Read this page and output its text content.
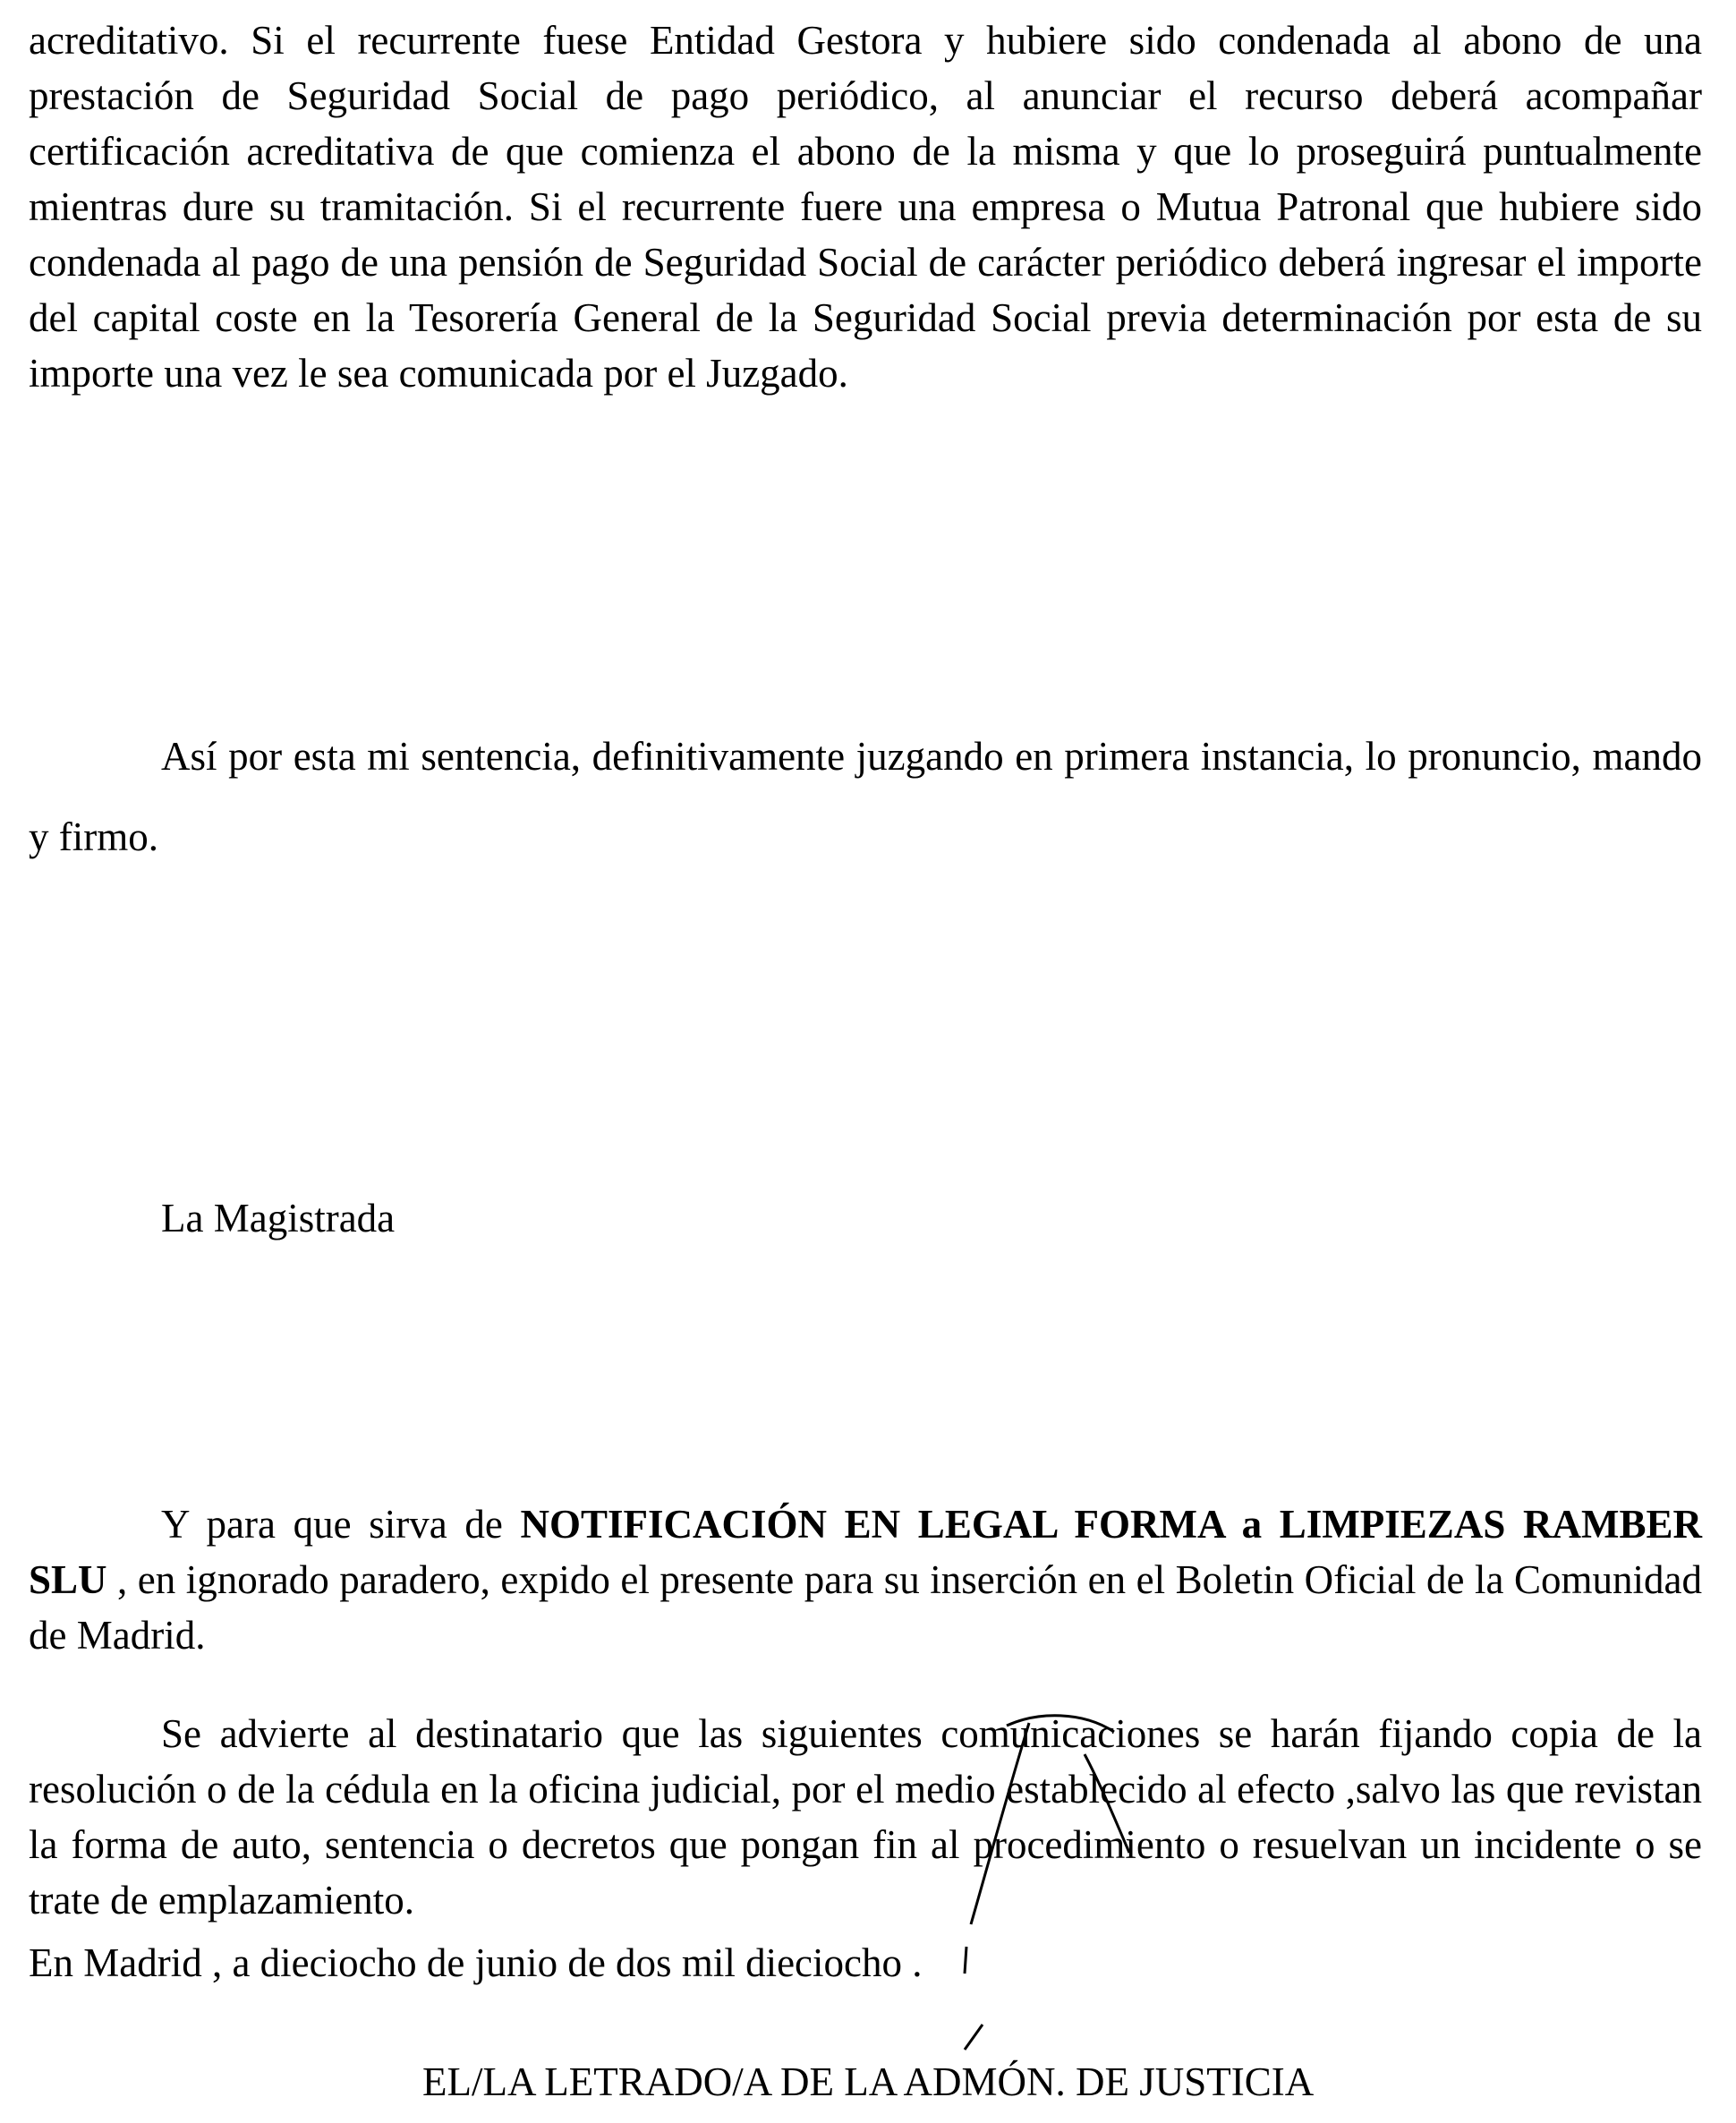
acreditativo. Si el recurrente fuese Entidad Gestora y hubiere sido condenada al abono de una prestación de Seguridad Social de pago periódico, al anunciar el recurso deberá acompañar certificación acreditativa de que comienza el abono de la misma y que lo proseguirá puntualmente mientras dure su tramitación. Si el recurrente fuere una empresa o Mutua Patronal que hubiere sido condenada al pago de una pensión de Seguridad Social de carácter periódico deberá ingresar el importe del capital coste en la Tesorería General de la Seguridad Social previa determinación por esta de su importe una vez le sea comunicada por el Juzgado.

Así por esta mi sentencia, definitivamente juzgando en primera instancia, lo pronuncio, mando y firmo.

La Magistrada

Y para que sirva de NOTIFICACIÓN EN LEGAL FORMA a LIMPIEZAS RAMBER SLU , en ignorado paradero, expido el presente para su inserción en el Boletin Oficial de la Comunidad de Madrid.

Se advierte al destinatario que las siguientes comunicaciones se harán fijando copia de la resolución o de la cédula en la oficina judicial, por el medio establecido al efecto ,salvo las que revistan la forma de auto, sentencia o decretos que pongan fin al procedimiento o resuelvan un incidente o se trate de emplazamiento.

En Madrid , a dieciocho de junio de dos mil dieciocho .

EL/LA LETRADO/A DE LA ADMÓN. DE JUSTICIA
